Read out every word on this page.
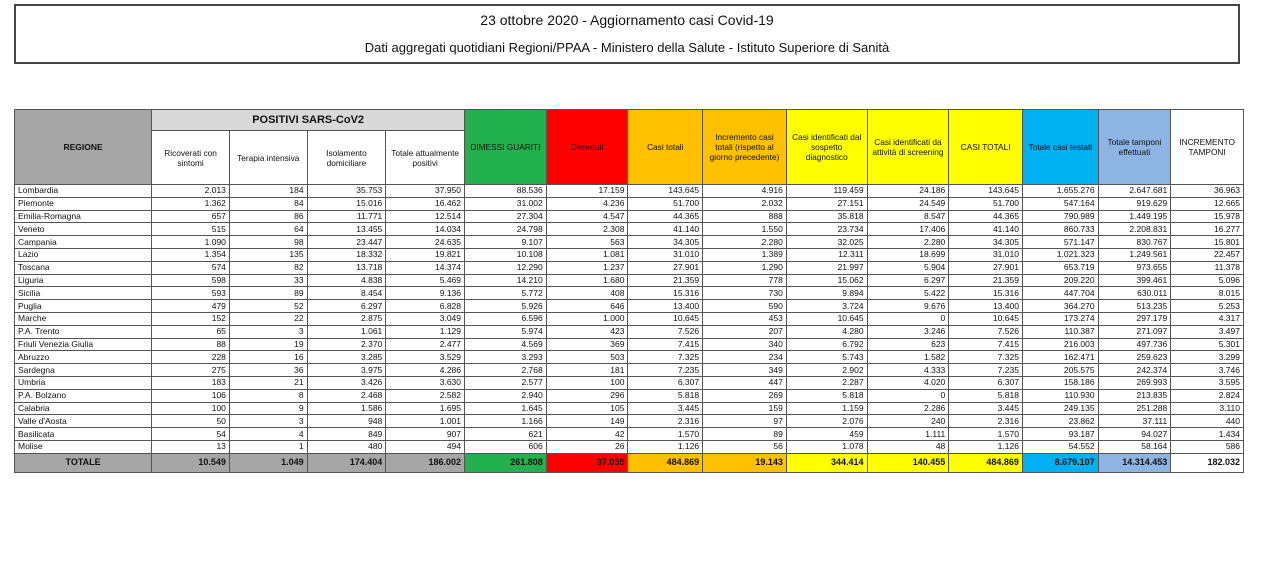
23 ottobre 2020 - Aggiornamento casi Covid-19
Dati aggregati quotidiani Regioni/PPAA - Ministero della Salute - Istituto Superiore di Sanità
REGIONE	POSITIVI SARS-CoV2				DIMESSI GUARITI	Deceduti	Casi totali	Incremento casi totali (rispetto al giorno precedente)	Casi identificati dal sospetto diagnostico	Casi identificati da attività di screening	CASI TOTALI	Totale casi testati	Totale tamponi effettuati	INCREMENTO TAMPONI
	Ricoverati con sintomi	Terapia intensiva	Isolamento domiciliare	Totale attualmente positivi										
Lombardia	2.013	184	35.753	37.950	88.536	17.159	143.645	4.916	119.459	24.186	143.645	1.655.276	2.647.681	36.963
Piemonte	1.362	84	15.016	16.462	31.002	4.236	51.700	2.032	27.151	24.549	51.700	547.164	919.629	12.665
Emilia-Romagna	657	86	11.771	12.514	27.304	4.547	44.365	888	35.818	8.547	44.365	790.989	1.449.195	15.978
Veneto	515	64	13.455	14.034	24.798	2.308	41.140	1.550	23.734	17.406	41.140	860.733	2.208.831	16.277
Campania	1.090	98	23.447	24.635	9.107	563	34.305	2.280	32.025	2.280	34.305	571.147	830.767	15.801
Lazio	1.354	135	18.332	19.821	10.108	1.081	31.010	1.389	12.311	18.699	31.010	1.021.323	1.249.561	22.457
Toscana	574	82	13.718	14.374	12.290	1.237	27.901	1.290	21.997	5.904	27.901	653.719	973.655	11.378
Liguria	598	33	4.838	5.469	14.210	1.680	21.359	778	15.062	6.297	21.359	209.220	399.461	5.096
Sicilia	593	89	8.454	9.136	5.772	408	15.316	730	9.894	5.422	15.316	447.704	630.011	8.015
Puglia	479	52	6.297	6.828	5.926	646	13.400	590	3.724	9.676	13.400	364.270	513.235	5.253
Marche	152	22	2.875	3.049	6.596	1.000	10.645	453	10.645	0	10.645	173.274	297.179	4.317
P.A. Trento	65	3	1.061	1.129	5.974	423	7.526	207	4.280	3.246	7.526	110.387	271.097	3.497
Friuli Venezia Giulia	88	19	2.370	2.477	4.569	369	7.415	340	6.792	623	7.415	216.003	497.736	5.301
Abruzzo	228	16	3.285	3.529	3.293	503	7.325	234	5.743	1.582	7.325	162.471	259.623	3.299
Sardegna	275	36	3.975	4.286	2.768	181	7.235	349	2.902	4.333	7.235	205.575	242.374	3.746
Umbria	183	21	3.426	3.630	2.577	100	6.307	447	2.287	4.020	6.307	158.186	269.993	3.595
P.A. Bolzano	106	8	2.468	2.582	2.940	296	5.818	269	5.818	0	5.818	110.930	213.835	2.824
Calabria	100	9	1.586	1.695	1.645	105	3.445	159	1.159	2.286	3.445	249.135	251.288	3.110
Valle d'Aosta	50	3	948	1.001	1.166	149	2.316	97	2.076	240	2.316	23.862	37.111	440
Basilicata	54	4	849	907	621	42	1.570	89	459	1.111	1.570	93.187	94.027	1.434
Molise	13	1	480	494	606	26	1.126	56	1.078	48	1.126	54.552	58.164	586
TOTALE	10.549	1.049	174.404	186.002	261.808	37.059	484.869	19.143	344.414	140.455	484.869	8.679.107	14.314.453	182.032
